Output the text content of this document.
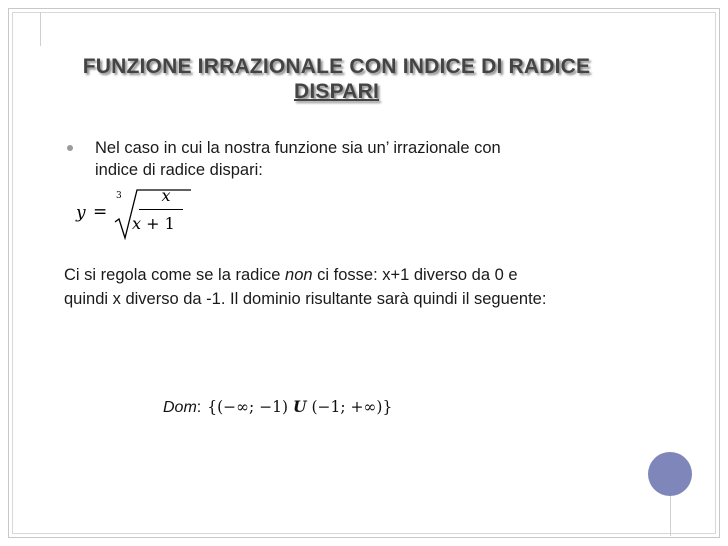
FUNZIONE IRRAZIONALE CON INDICE DI RADICE
DISPARI
Nel caso in cui la nostra funzione sia un’ irrazionale con
indice di radice dispari:
y =
3	x
x + 1
Ci si regola come se la radice non ci fosse: x+1 diverso da 0 e
quindi x diverso da -1. Il dominio risultante sarà quindi il seguente:
Dom: {(−∞; −1) U (−1; +∞)}
